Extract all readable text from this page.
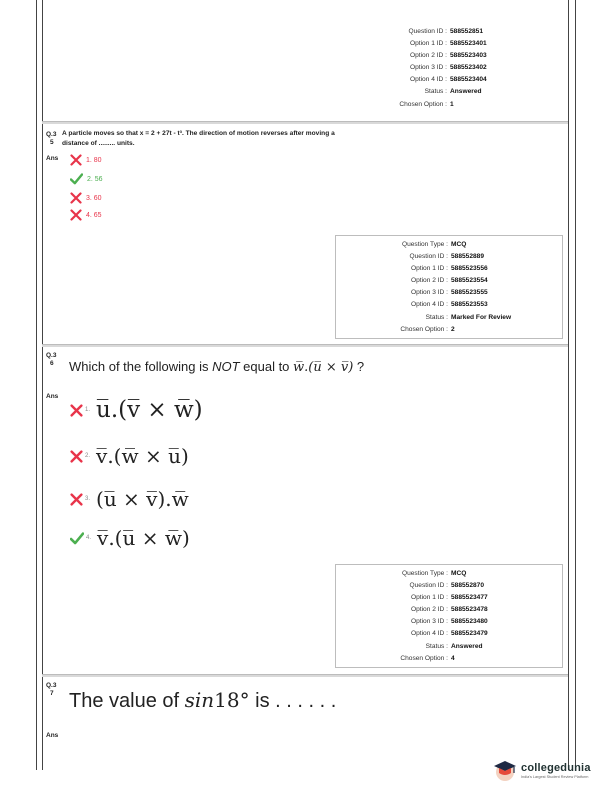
Question ID : 588552851
Option 1 ID : 5885523401
Option 2 ID : 5885523403
Option 3 ID : 5885523402
Option 4 ID : 5885523404
Status : Answered
Chosen Option : 1
Q.3
5
A particle moves so that x = 2 + 27t - t³. The direction of motion reverses after moving a
distance of ......... units.
Ans	1. 80
2. 56
3. 60
4. 65
Question Type : MCQ
Question ID : 588552889
Option 1 ID : 5885523556
Option 2 ID : 5885523554
Option 3 ID : 5885523555
Option 4 ID : 5885523553
Status : Marked For Review
Chosen Option : 2
Q.3
6 Which of the following is NOT equal to w̅.(u̅ × v̅) ?
Ans
1. u̅.(v̅ × w̅)
2. v̅.(w̅ × u̅)
3. (u̅ × v̅).w̅
4. v̅.(u̅ × w̅)
Question Type : MCQ
Question ID : 588552870
Option 1 ID : 5885523477
Option 2 ID : 5885523478
Option 3 ID : 5885523480
Option 4 ID : 5885523479
Status : Answered
Chosen Option : 4
Q.3
7 The value of sin18° is . . . . . .
Ans
collegedunia
India's Largest Student Review Platform
